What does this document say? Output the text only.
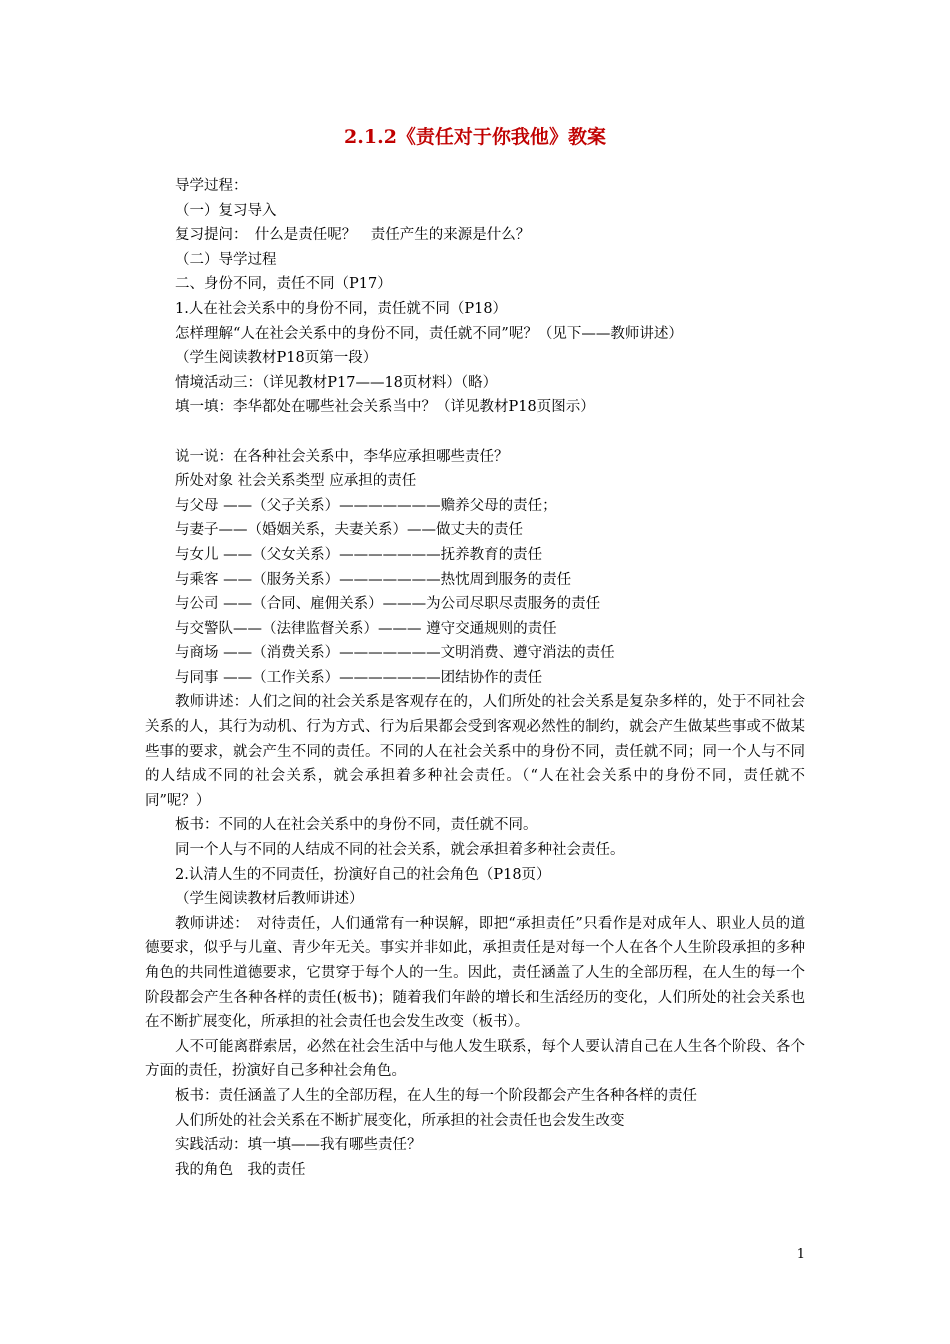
2.1.2《责任对于你我他》教案
导学过程：
（一）复习导入
复习提问：　什么是责任呢？　责任产生的来源是什么？
（二）导学过程
二、身份不同，责任不同（P17）
1.人在社会关系中的身份不同，责任就不同（P18）
怎样理解“人在社会关系中的身份不同，责任就不同”呢？（见下——教师讲述）
（学生阅读教材P18页第一段）
情境活动三：（详见教材P17——18页材料）（略）
填一填：李华都处在哪些社会关系当中？（详见教材P18页图示）
说一说：在各种社会关系中，李华应承担哪些责任？
所处对象 社会关系类型 应承担的责任
与父母 ——（父子关系）———————赡养父母的责任；
与妻子——（婚姻关系，夫妻关系）——做丈夫的责任
与女儿 ——（父女关系）———————抚养教育的责任
与乘客 ——（服务关系）———————热忱周到服务的责任
与公司 ——（合同、雇佣关系）———为公司尽职尽责服务的责任
与交警队——（法律监督关系）——— 遵守交通规则的责任
与商场 ——（消费关系）———————文明消费、遵守消法的责任
与同事 ——（工作关系）———————团结协作的责任
教师讲述：人们之间的社会关系是客观存在的，人们所处的社会关系是复杂多样的，处于不同社会关系的人，其行为动机、行为方式、行为后果都会受到客观必然性的制约，就会产生做某些事或不做某些事的要求，就会产生不同的责任。不同的人在社会关系中的身份不同，责任就不同；同一个人与不同的人结成不同的社会关系，就会承担着多种社会责任。（“人在社会关系中的身份不同，责任就不同”呢？）
板书：不同的人在社会关系中的身份不同，责任就不同。
同一个人与不同的人结成不同的社会关系，就会承担着多种社会责任。
2.认清人生的不同责任，扮演好自己的社会角色（P18页）
（学生阅读教材后教师讲述）
教师讲述：　对待责任，人们通常有一种误解，即把“承担责任”只看作是对成年人、职业人员的道德要求，似乎与儿童、青少年无关。事实并非如此，承担责任是对每一个人在各个人生阶段承担的多种角色的共同性道德要求，它贯穿于每个人的一生。因此，责任涵盖了人生的全部历程，在人生的每一个阶段都会产生各种各样的责任(板书)；随着我们年龄的增长和生活经历的变化，人们所处的社会关系也在不断扩展变化，所承担的社会责任也会发生改变（板书）。
人不可能离群索居，必然在社会生活中与他人发生联系，每个人要认清自己在人生各个阶段、各个方面的责任，扮演好自己多种社会角色。
板书：责任涵盖了人生的全部历程，在人生的每一个阶段都会产生各种各样的责任
人们所处的社会关系在不断扩展变化，所承担的社会责任也会发生改变
实践活动：填一填——我有哪些责任？
我的角色　我的责任
1
